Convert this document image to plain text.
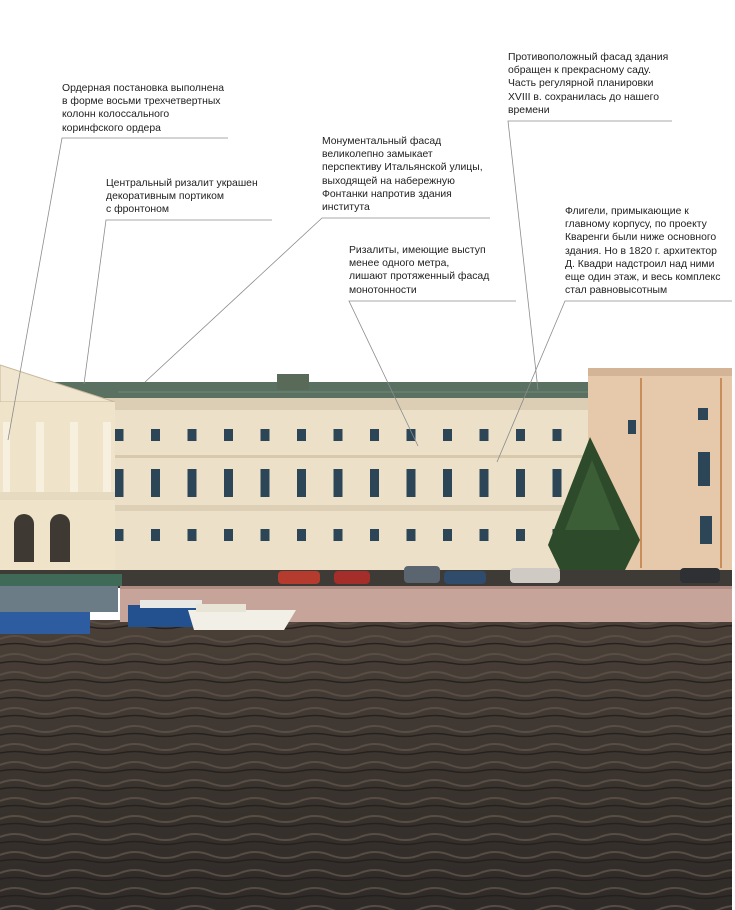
Ордерная постановка выполнена
в форме восьми трехчетвертных
колонн колоссального
коринфского ордера

Центральный ризалит украшен
декоративным портиком
с фронтоном

Монументальный фасад
великолепно замыкает
перспективу Итальянской улицы,
выходящей на набережную
Фонтанки напротив здания
института

Противоположный фасад здания
обращен к прекрасному саду.
Часть регулярной планировки
XVIII в. сохранилась до нашего
времени

Ризалиты, имеющие выступ
менее одного метра,
лишают протяженный фасад
монотонности

Флигели, примыкающие к
главному корпусу, по проекту
Кваренги были ниже основного
здания. Но в 1820 г. архитектор
Д. Квадри надстроил над ними
еще один этаж, и весь комплекс
стал равновысотным
